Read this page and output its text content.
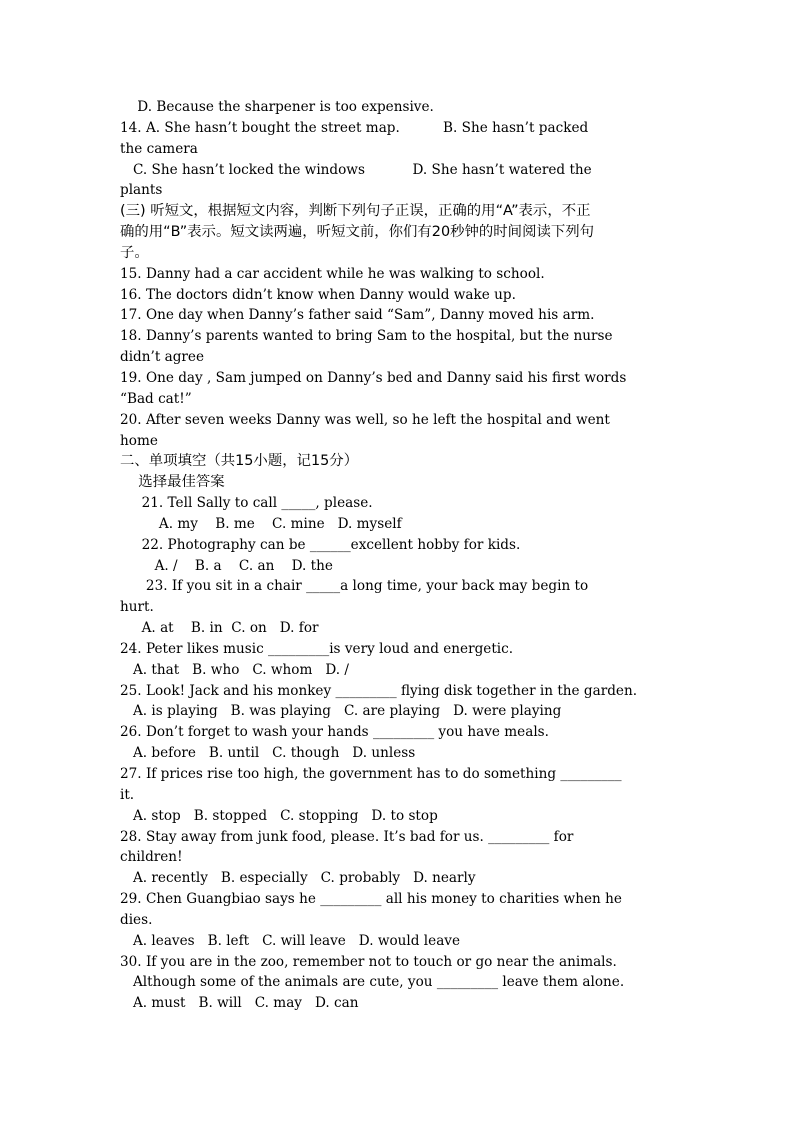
D. Because the sharpener is too expensive.
14. A. She hasn’t bought the street map.          B. She hasn’t packed
the camera
C. She hasn’t locked the windows           D. She hasn’t watered the
plants
(三) 听短文，根据短文内容，判断下列句子正误，正确的用“A”表示，不正
确的用“B”表示。短文读两遍，听短文前，你们有20秒钟的时间阅读下列句
子。
15. Danny had a car accident while he was walking to school.
16. The doctors didn’t know when Danny would wake up.
17. One day when Danny’s father said “Sam”, Danny moved his arm.
18. Danny’s parents wanted to bring Sam to the hospital, but the nurse
didn’t agree
19. One day , Sam jumped on Danny’s bed and Danny said his first words
“Bad cat!”
20. After seven weeks Danny was well, so he left the hospital and went
home
二、单项填空（共15小题，记15分）
选择最佳答案
21. Tell Sally to call _____, please.
A. my    B. me    C. mine   D. myself
22. Photography can be ______excellent hobby for kids.
A. /    B. a    C. an    D. the
23. If you sit in a chair _____a long time, your back may begin to
hurt.
A. at    B. in  C. on   D. for
24. Peter likes music _________is very loud and energetic.
A. that   B. who   C. whom   D. /
25. Look! Jack and his monkey _________ flying disk together in the garden.
A. is playing   B. was playing   C. are playing   D. were playing
26. Don’t forget to wash your hands _________ you have meals.
A. before   B. until   C. though   D. unless
27. If prices rise too high, the government has to do something _________
it.
A. stop   B. stopped   C. stopping   D. to stop
28. Stay away from junk food, please. It’s bad for us. _________ for
children!
A. recently   B. especially   C. probably   D. nearly
29. Chen Guangbiao says he _________ all his money to charities when he
dies.
A. leaves   B. left   C. will leave   D. would leave
30. If you are in the zoo, remember not to touch or go near the animals.
Although some of the animals are cute, you _________ leave them alone.
A. must   B. will   C. may   D. can
